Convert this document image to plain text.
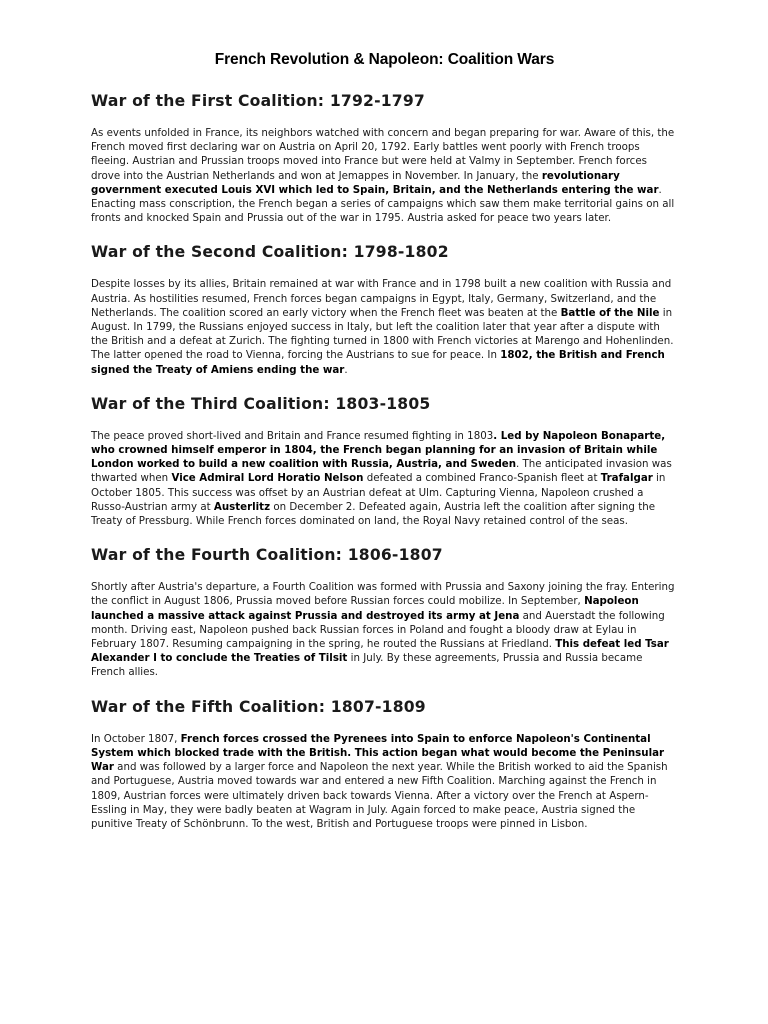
French Revolution & Napoleon: Coalition Wars
War of the First Coalition: 1792-1797

As events unfolded in France, its neighbors watched with concern and began preparing for war. Aware of this, the French moved first declaring war on Austria on April 20, 1792. Early battles went poorly with French troops fleeing. Austrian and Prussian troops moved into France but were held at Valmy in September. French forces drove into the Austrian Netherlands and won at Jemappes in November. In January, the revolutionary government executed Louis XVI which led to Spain, Britain, and the Netherlands entering the war. Enacting mass conscription, the French began a series of campaigns which saw them make territorial gains on all fronts and knocked Spain and Prussia out of the war in 1795. Austria asked for peace two years later.

War of the Second Coalition: 1798-1802

Despite losses by its allies, Britain remained at war with France and in 1798 built a new coalition with Russia and Austria. As hostilities resumed, French forces began campaigns in Egypt, Italy, Germany, Switzerland, and the Netherlands. The coalition scored an early victory when the French fleet was beaten at the Battle of the Nile in August. In 1799, the Russians enjoyed success in Italy, but left the coalition later that year after a dispute with the British and a defeat at Zurich. The fighting turned in 1800 with French victories at Marengo and Hohenlinden. The latter opened the road to Vienna, forcing the Austrians to sue for peace. In 1802, the British and French signed the Treaty of Amiens ending the war.

War of the Third Coalition: 1803-1805

The peace proved short-lived and Britain and France resumed fighting in 1803. Led by Napoleon Bonaparte, who crowned himself emperor in 1804, the French began planning for an invasion of Britain while London worked to build a new coalition with Russia, Austria, and Sweden. The anticipated invasion was thwarted when Vice Admiral Lord Horatio Nelson defeated a combined Franco-Spanish fleet at Trafalgar in October 1805. This success was offset by an Austrian defeat at Ulm. Capturing Vienna, Napoleon crushed a Russo-Austrian army at Austerlitz on December 2. Defeated again, Austria left the coalition after signing the Treaty of Pressburg. While French forces dominated on land, the Royal Navy retained control of the seas.

War of the Fourth Coalition: 1806-1807

Shortly after Austria's departure, a Fourth Coalition was formed with Prussia and Saxony joining the fray. Entering the conflict in August 1806, Prussia moved before Russian forces could mobilize. In September, Napoleon launched a massive attack against Prussia and destroyed its army at Jena and Auerstadt the following month. Driving east, Napoleon pushed back Russian forces in Poland and fought a bloody draw at Eylau in February 1807. Resuming campaigning in the spring, he routed the Russians at Friedland. This defeat led Tsar Alexander I to conclude the Treaties of Tilsit in July. By these agreements, Prussia and Russia became French allies.

War of the Fifth Coalition: 1807-1809

In October 1807, French forces crossed the Pyrenees into Spain to enforce Napoleon's Continental System which blocked trade with the British. This action began what would become the Peninsular War and was followed by a larger force and Napoleon the next year. While the British worked to aid the Spanish and Portuguese, Austria moved towards war and entered a new Fifth Coalition. Marching against the French in 1809, Austrian forces were ultimately driven back towards Vienna. After a victory over the French at Aspern-Essling in May, they were badly beaten at Wagram in July. Again forced to make peace, Austria signed the punitive Treaty of Schönbrunn. To the west, British and Portuguese troops were pinned in Lisbon.
